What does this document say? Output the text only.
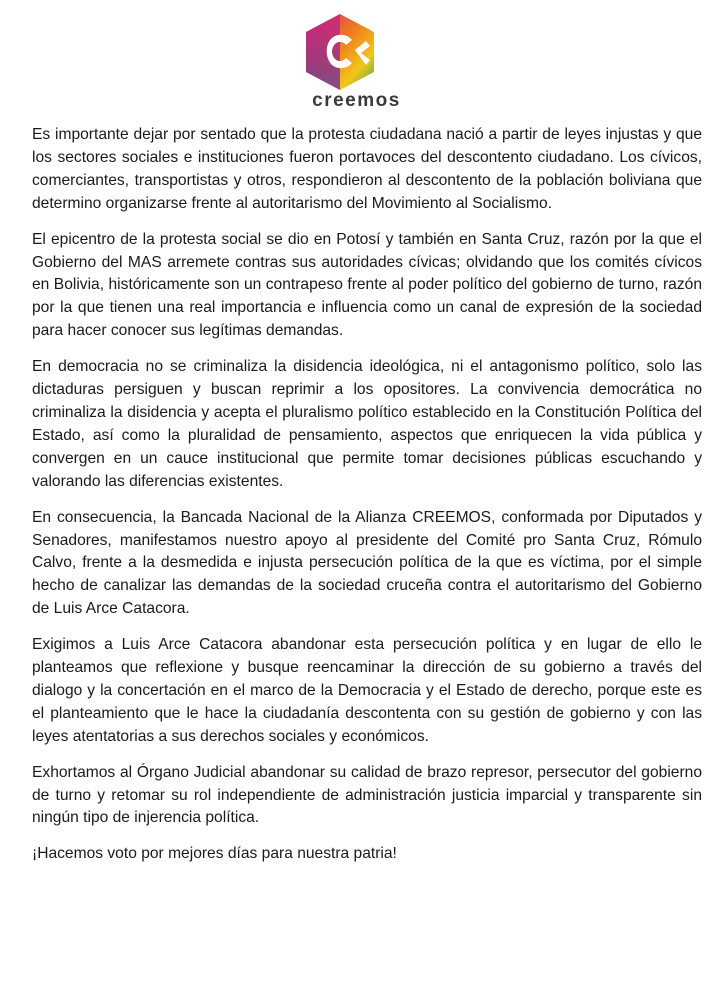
creemos

Es importante dejar por sentado que la protesta ciudadana nació a partir de leyes injustas y que los sectores sociales e instituciones fueron portavoces del descontento ciudadano. Los cívicos, comerciantes, transportistas y otros, respondieron al descontento de la población boliviana que determino organizarse frente al autoritarismo del Movimiento al Socialismo.

El epicentro de la protesta social se dio en Potosí y también en Santa Cruz, razón por la que el Gobierno del MAS arremete contras sus autoridades cívicas; olvidando que los comités cívicos en Bolivia, históricamente son un contrapeso frente al poder político del gobierno de turno, razón por la que tienen una real importancia e influencia como un canal de expresión de la sociedad para hacer conocer sus legítimas demandas.

En democracia no se criminaliza la disidencia ideológica, ni el antagonismo político, solo las dictaduras persiguen y buscan reprimir a los opositores. La convivencia democrática no criminaliza la disidencia y acepta el pluralismo político establecido en la Constitución Política del Estado, así como la pluralidad de pensamiento, aspectos que enriquecen la vida pública y convergen en un cauce institucional que permite tomar decisiones públicas escuchando y valorando las diferencias existentes.

En consecuencia, la Bancada Nacional de la Alianza CREEMOS, conformada por Diputados y Senadores, manifestamos nuestro apoyo al presidente del Comité pro Santa Cruz, Rómulo Calvo, frente a la desmedida e injusta persecución política de la que es víctima, por el simple hecho de canalizar las demandas de la sociedad cruceña contra el autoritarismo del Gobierno de Luis Arce Catacora.

Exigimos a Luis Arce Catacora abandonar esta persecución política y en lugar de ello le planteamos que reflexione y busque reencaminar la dirección de su gobierno a través del dialogo y la concertación en el marco de la Democracia y el Estado de derecho, porque este es el planteamiento que le hace la ciudadanía descontenta con su gestión de gobierno y con las leyes atentatorias a sus derechos sociales y económicos.

Exhortamos al Órgano Judicial abandonar su calidad de brazo represor, persecutor del gobierno de turno y retomar su rol independiente de administración justicia imparcial y transparente sin ningún tipo de injerencia política.

¡Hacemos voto por mejores días para nuestra patria!
